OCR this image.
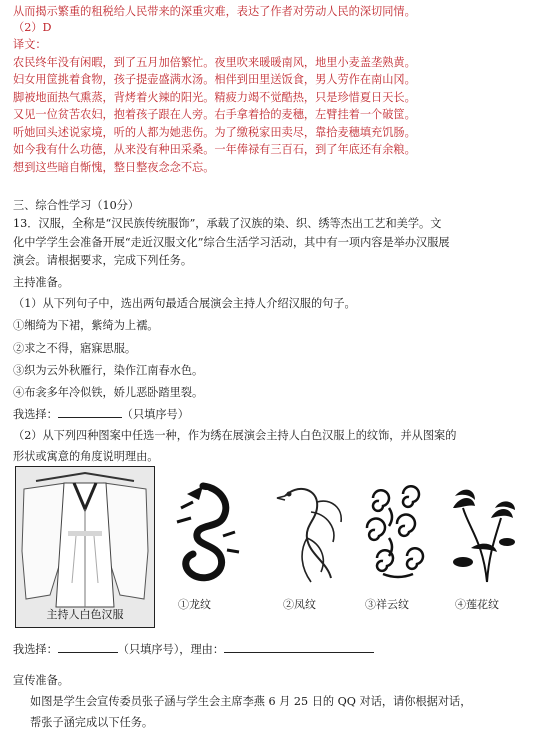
从而揭示繁重的租税给人民带来的深重灾难，表达了作者对劳动人民的深切同情。
（2）D
译文：
农民终年没有闲暇，到了五月加倍繁忙。夜里吹来暖暖南风，地里小麦盖垄熟黄。
妇女用筐挑着食物，孩子提壶盛满水汤。相伴到田里送饭食，男人劳作在南山冈。
脚被地面热气熏蒸，背烤着火辣的阳光。精疲力竭不觉酷热，只是珍惜夏日天长。
又见一位贫苦农妇，抱着孩子跟在人旁。右手拿着拾的麦穗，左臂挂着一个破筐。
听她回头述说家境，听的人都为她悲伤。为了缴税家田卖尽，靠拾麦穗填充饥肠。
如今我有什么功德，从来没有种田采桑。一年俸禄有三百石，到了年底还有余粮。
想到这些暗自惭愧，整日整夜念念不忘。
三、综合性学习（10分）
13．汉服，全称是“汉民族传统服饰”，承载了汉族的染、织、绣等杰出工艺和美学。文
化中学学生会准备开展“走近汉服文化”综合生活学习活动，其中有一项内容是举办汉服展
演会。请根据要求，完成下列任务。
主持准备。
（1）从下列句子中，选出两句最适合展演会主持人介绍汉服的句子。
①缃绮为下裙，紫绮为上襦。
②求之不得，寤寐思服。
③织为云外秋雁行，染作江南春水色。
④布衾多年冷似铁，娇儿恶卧踏里裂。
我选择：	（只填序号）
（2）从下列四种图案中任选一种，作为绣在展演会主持人白色汉服上的纹饰，并从图案的
形状或寓意的角度说明理由。
主持人白色汉服
①龙纹	②凤纹	③祥云纹	④莲花纹
我选择：	（只填序号），理由：
宣传准备。
如图是学生会宣传委员张子涵与学生会主席李燕 6 月 25 日的 QQ 对话，请你根据对话，
帮张子涵完成以下任务。
